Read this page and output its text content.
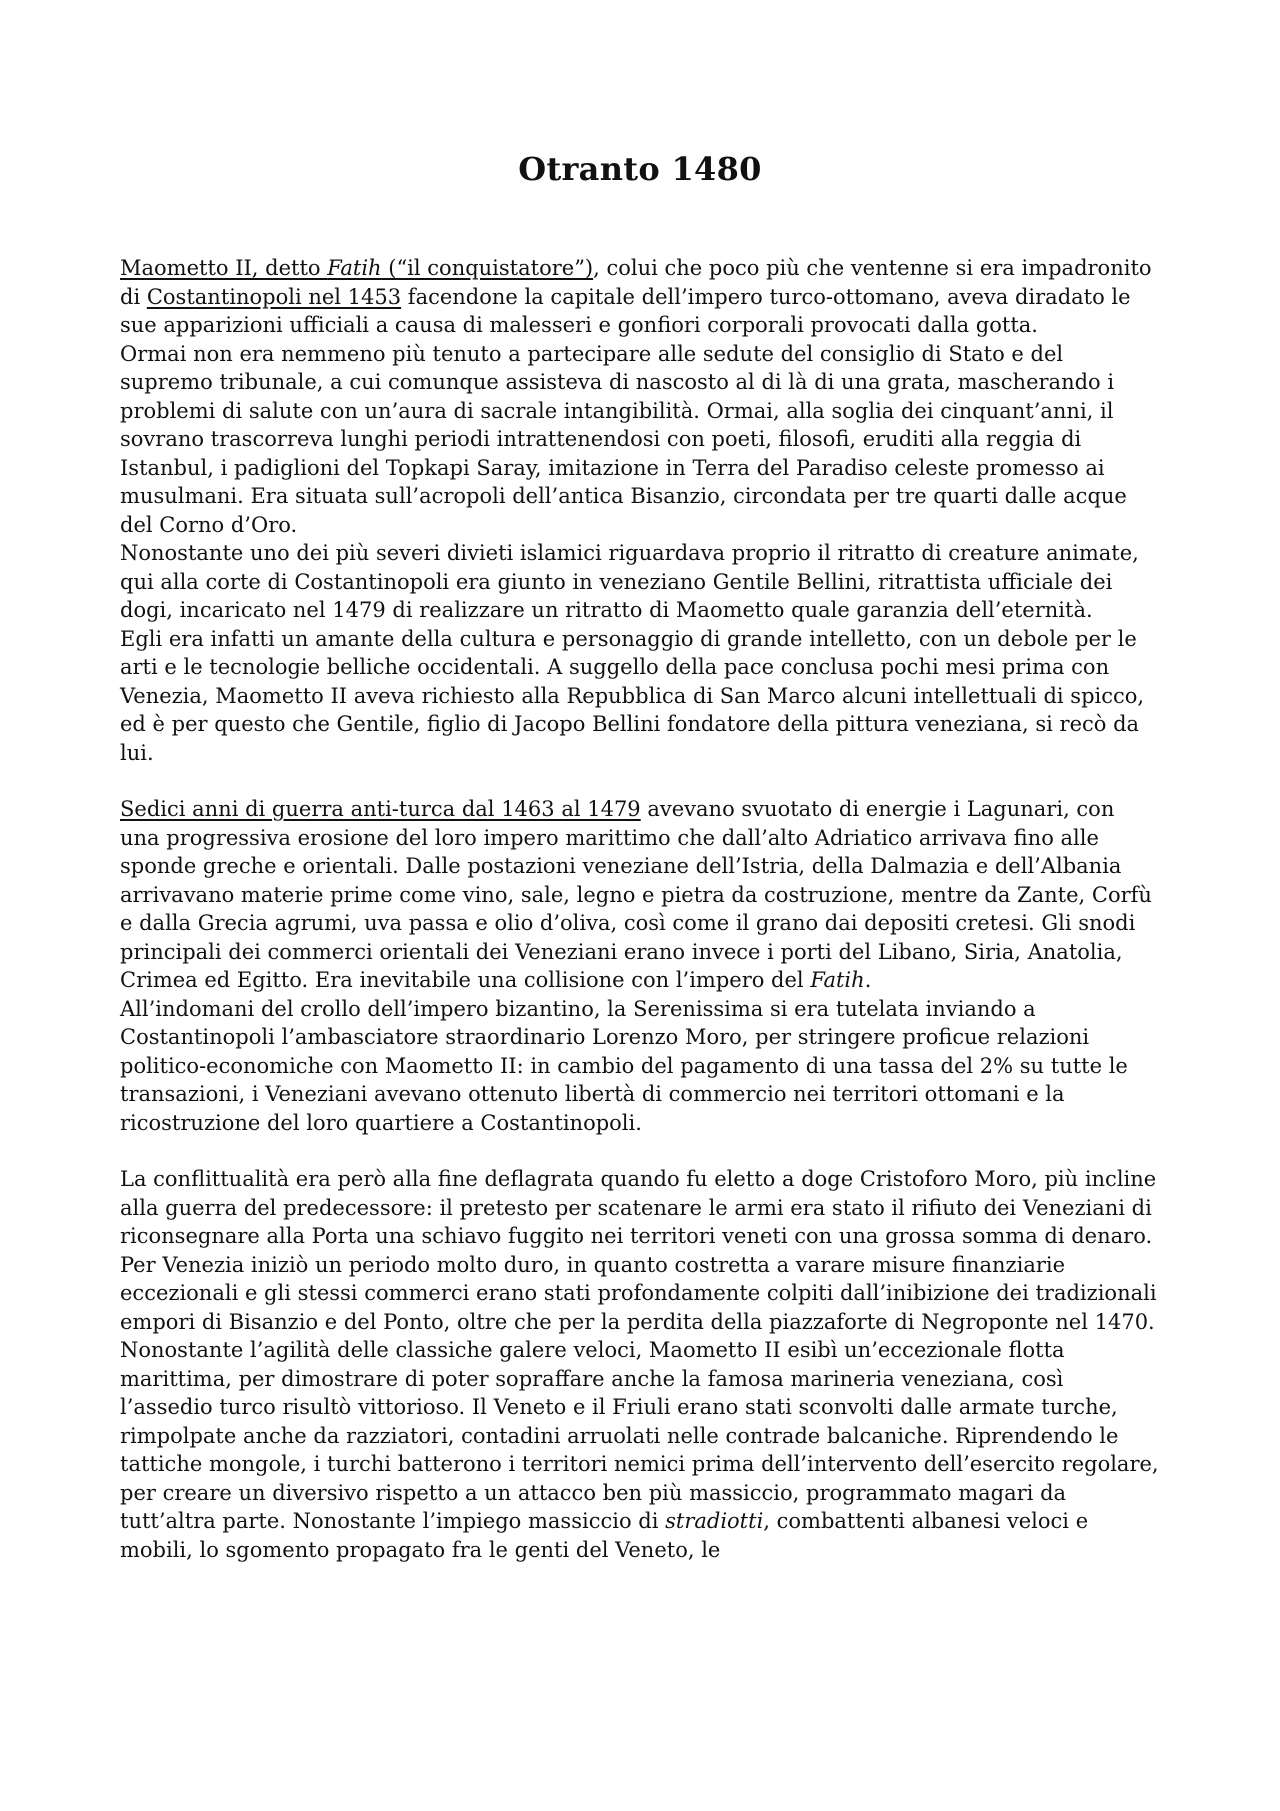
Otranto 1480

Maometto II, detto Fatih (“il conquistatore”), colui che poco più che ventenne si era impadronito di Costantinopoli nel 1453 facendone la capitale dell’impero turco-ottomano, aveva diradato le sue apparizioni ufficiali a causa di malesseri e gonfiori corporali provocati dalla gotta.

Ormai non era nemmeno più tenuto a partecipare alle sedute del consiglio di Stato e del supremo tribunale, a cui comunque assisteva di nascosto al di là di una grata, mascherando i problemi di salute con un’aura di sacrale intangibilità. Ormai, alla soglia dei cinquant’anni, il sovrano trascorreva lunghi periodi intrattenendosi con poeti, filosofi, eruditi alla reggia di Istanbul, i padiglioni del Topkapi Saray, imitazione in Terra del Paradiso celeste promesso ai musulmani. Era situata sull’acropoli dell’antica Bisanzio, circondata per tre quarti dalle acque del Corno d’Oro.

Nonostante uno dei più severi divieti islamici riguardava proprio il ritratto di creature animate, qui alla corte di Costantinopoli era giunto in veneziano Gentile Bellini, ritrattista ufficiale dei dogi, incaricato nel 1479 di realizzare un ritratto di Maometto quale garanzia dell’eternità.

Egli era infatti un amante della cultura e personaggio di grande intelletto, con un debole per le arti e le tecnologie belliche occidentali. A suggello della pace conclusa pochi mesi prima con Venezia, Maometto II aveva richiesto alla Repubblica di San Marco alcuni intellettuali di spicco, ed è per questo che Gentile, figlio di Jacopo Bellini fondatore della pittura veneziana, si recò da lui.

Sedici anni di guerra anti-turca dal 1463 al 1479 avevano svuotato di energie i Lagunari, con una progressiva erosione del loro impero marittimo che dall’alto Adriatico arrivava fino alle sponde greche e orientali. Dalle postazioni veneziane dell’Istria, della Dalmazia e dell’Albania arrivavano materie prime come vino, sale, legno e pietra da costruzione, mentre da Zante, Corfù e dalla Grecia agrumi, uva passa e olio d’oliva, così come il grano dai depositi cretesi. Gli snodi principali dei commerci orientali dei Veneziani erano invece i porti del Libano, Siria, Anatolia, Crimea ed Egitto. Era inevitabile una collisione con l’impero del Fatih.

All’indomani del crollo dell’impero bizantino, la Serenissima si era tutelata inviando a Costantinopoli l’ambasciatore straordinario Lorenzo Moro, per stringere proficue relazioni politico-economiche con Maometto II: in cambio del pagamento di una tassa del 2% su tutte le transazioni, i Veneziani avevano ottenuto libertà di commercio nei territori ottomani e la ricostruzione del loro quartiere a Costantinopoli.

La conflittualità era però alla fine deflagrata quando fu eletto a doge Cristoforo Moro, più incline alla guerra del predecessore: il pretesto per scatenare le armi era stato il rifiuto dei Veneziani di riconsegnare alla Porta una schiavo fuggito nei territori veneti con una grossa somma di denaro. Per Venezia iniziò un periodo molto duro, in quanto costretta a varare misure finanziarie eccezionali e gli stessi commerci erano stati profondamente colpiti dall’inibizione dei tradizionali empori di Bisanzio e del Ponto, oltre che per la perdita della piazzaforte di Negroponte nel 1470.

Nonostante l’agilità delle classiche galere veloci, Maometto II esibì un’eccezionale flotta marittima, per dimostrare di poter sopraffare anche la famosa marineria veneziana, così l’assedio turco risultò vittorioso. Il Veneto e il Friuli erano stati sconvolti dalle armate turche, rimpolpate anche da razziatori, contadini arruolati nelle contrade balcaniche. Riprendendo le tattiche mongole, i turchi batterono i territori nemici prima dell’intervento dell’esercito regolare, per creare un diversivo rispetto a un attacco ben più massiccio, programmato magari da tutt’altra parte. Nonostante l’impiego massiccio di stradiotti, combattenti albanesi veloci e mobili, lo sgomento propagato fra le genti del Veneto, le
